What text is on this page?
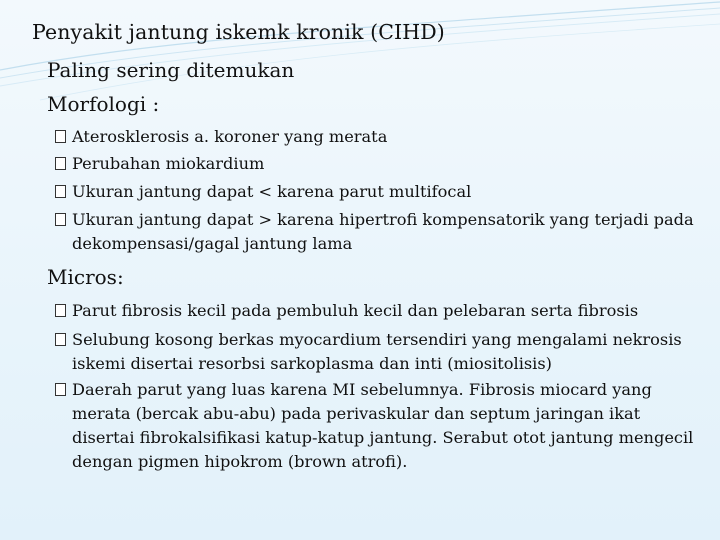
Penyakit jantung iskemk kronik (CIHD)
Paling sering ditemukan
Morfologi :
Aterosklerosis a. koroner yang merata
Perubahan miokardium
Ukuran jantung dapat < karena parut multifocal
Ukuran jantung dapat > karena hipertrofi kompensatorik yang terjadi pada dekompensasi/gagal jantung lama
Micros:
Parut fibrosis kecil pada pembuluh kecil dan pelebaran serta fibrosis
Selubung kosong berkas myocardium tersendiri yang mengalami nekrosis iskemi disertai resorbsi sarkoplasma dan inti (miositolisis)
Daerah parut yang luas karena MI sebelumnya. Fibrosis miocard yang merata (bercak abu-abu) pada perivaskular dan septum jaringan ikat disertai fibrokalsifikasi katup-katup jantung. Serabut otot jantung mengecil dengan pigmen hipokrom (brown atrofi).
